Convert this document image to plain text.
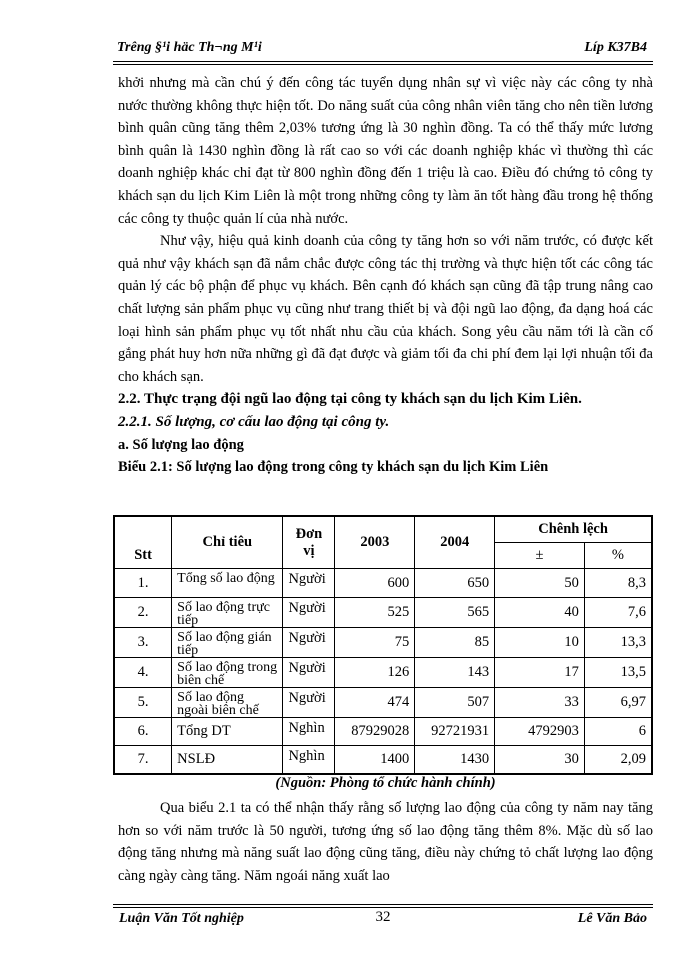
Trêng §¹i häc Th¬ng M¹i	Líp K37B4

khởi nhưng mà cần chú ý đến công tác tuyển dụng nhân sự vì việc này các công ty nhà nước thường không thực hiện tốt. Do năng suất của công nhân viên tăng cho nên tiền lương bình quân cũng tăng thêm 2,03% tương ứng là 30 nghìn đồng. Ta có thể thấy mức lương bình quân là 1430 nghìn đồng là rất cao so với các doanh nghiệp khác vì thường thì các doanh nghiệp khác chỉ đạt từ 800 nghìn đồng đến 1 triệu là cao. Điều đó chứng tỏ công ty khách sạn du lịch Kim Liên là một trong những công ty làm ăn tốt hàng đầu trong hệ thống các công ty thuộc quản lí của nhà nước.

Như vậy, hiệu quả kinh doanh của công ty tăng hơn so với năm trước, có được kết quả như vậy khách sạn đã nắm chắc được công tác thị trường và thực hiện tốt các công tác quản lý các bộ phận để phục vụ khách. Bên cạnh đó khách sạn cũng đã tập trung nâng cao chất lượng sản phẩm phục vụ cũng như trang thiết bị và đội ngũ lao động, đa dạng hoá các loại hình sản phẩm phục vụ tốt nhất nhu cầu của khách. Song yêu cầu năm tới là cần cố gắng phát huy hơn nữa những gì đã đạt được và giảm tối đa chi phí đem lại lợi nhuận tối đa cho khách sạn.

2.2. Thực trạng đội ngũ lao động tại công ty khách sạn du lịch Kim Liên.

2.2.1. Số lượng, cơ cấu lao động tại công ty.

a. Số lượng lao động

Biểu 2.1: Số lượng lao động trong công ty khách sạn du lịch Kim Liên

Stt	Chỉ tiêu	Đơn vị	2003	2004	Chênh lệch	
					±	%
1.	Tổng số lao động	Người	600	650	50	8,3
2.	Số lao động trực tiếp	Người	525	565	40	7,6
3.	Số lao động gián tiếp	Người	75	85	10	13,3
4.	Số lao động trong biên chế	Người	126	143	17	13,5
5.	Số lao động ngoài biên chế	Người	474	507	33	6,97
6.	Tổng DT	Nghìn	87929028	92721931	4792903	6
7.	NSLĐ	Nghìn	1400	1430	30	2,09
(Nguồn: Phòng tổ chức hành chính)

Qua biểu 2.1 ta có thể nhận thấy rằng số lượng lao động của công ty năm nay tăng hơn so với năm trước là 50 người, tương ứng số lao động tăng thêm 8%. Mặc dù số lao động tăng nhưng mà năng suất lao động cũng tăng, điều này chứng tỏ chất lượng lao động càng ngày càng tăng. Năm ngoái năng xuất lao

Luận Văn Tốt nghiệp	32	Lê Văn Bảo
